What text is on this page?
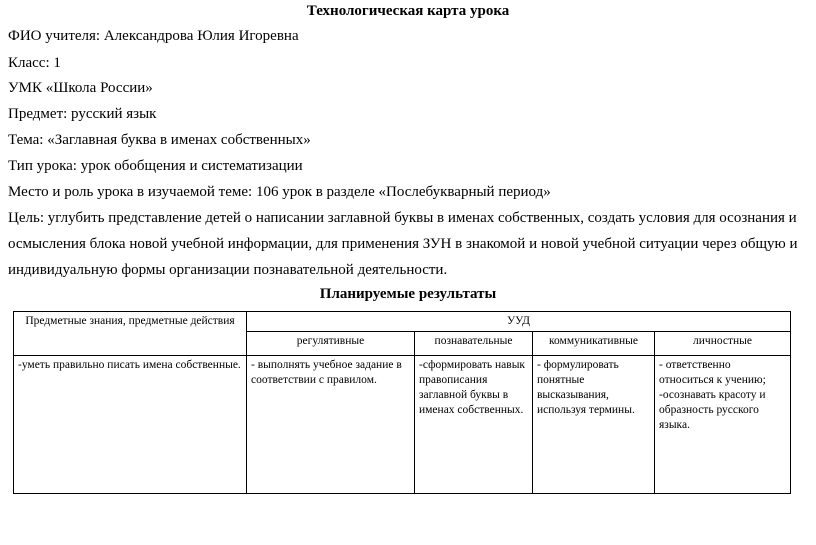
Технологическая карта урока
ФИО учителя: Александрова Юлия Игоревна
Класс: 1
УМК «Школа России»
Предмет: русский язык
Тема: «Заглавная буква в именах собственных»
Тип урока: урок обобщения и систематизации
Место и роль урока в изучаемой теме: 106 урок в разделе «Послебукварный период»
Цель: углубить представление детей о написании заглавной буквы в именах собственных, создать условия для осознания и
осмысления блока новой учебной информации, для применения ЗУН в знакомой и новой учебной ситуации через общую и
индивидуальную формы организации познавательной деятельности.
Планируемые результаты
Предметные знания, предметные действия	УУД			
	регулятивные	познавательные	коммуникативные	личностные
-уметь правильно писать имена собственные.	- выполнять учебное задание в соответствии с правилом.	-сформировать навык правописания заглавной буквы в именах собственных.	- формулировать понятные высказывания, используя термины.	- ответственно относиться к учению; -осознавать красоту и образность русского языка.
